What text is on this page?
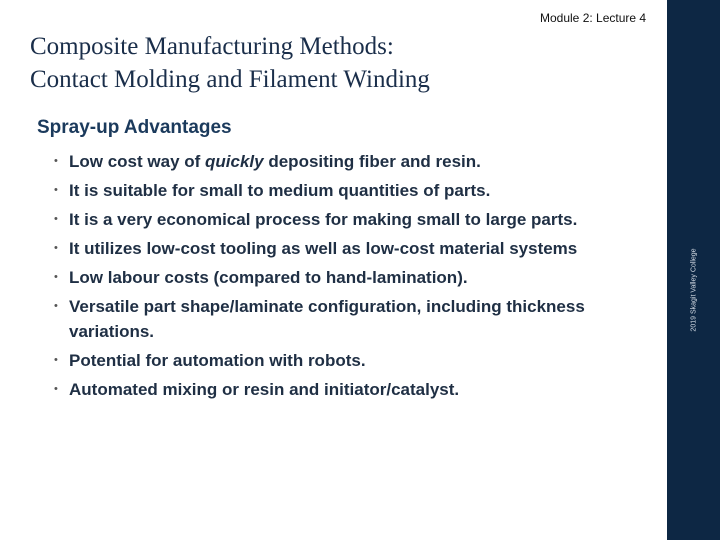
Module 2: Lecture 4
Composite Manufacturing Methods:
Contact Molding and Filament Winding
Spray-up Advantages
• Low cost way of quickly depositing fiber and resin.
• It is suitable for small to medium quantities of parts.
• It is a very economical process for making small to large parts.
• It utilizes low-cost tooling as well as low-cost material systems
• Low labour costs (compared to hand-lamination).
• Versatile part shape/laminate configuration, including thickness variations.
• Potential for automation with robots.
• Automated mixing or resin and initiator/catalyst.
2019 Skagit Valley College
